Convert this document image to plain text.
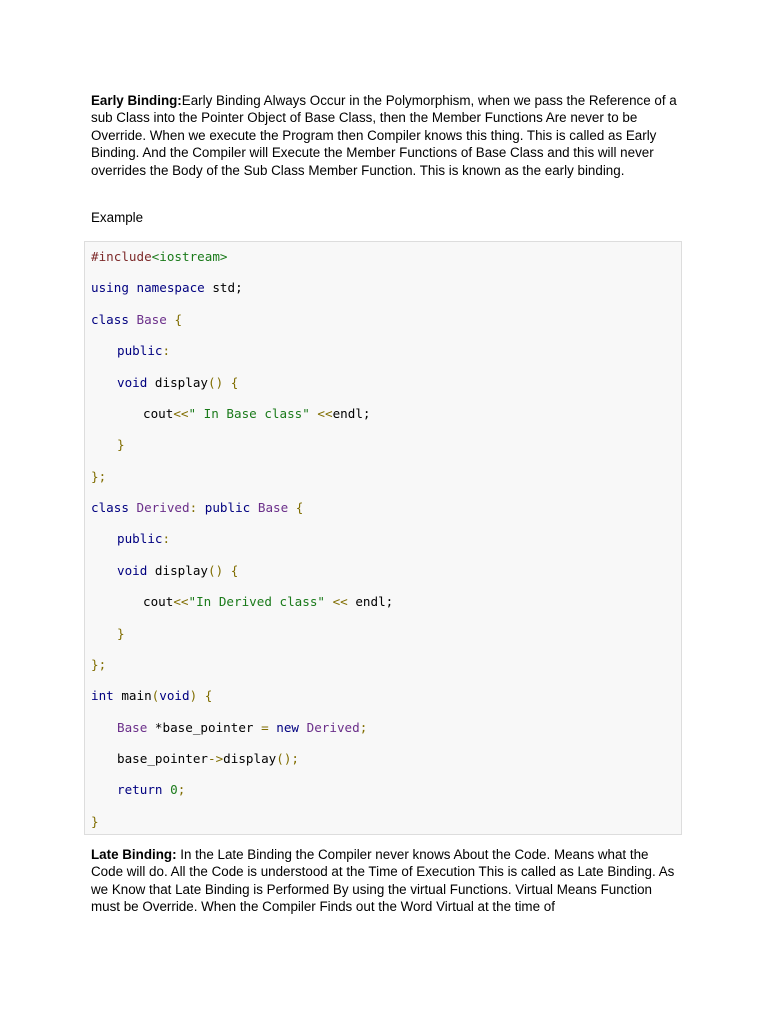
Early Binding:Early Binding Always Occur in the Polymorphism, when we pass the Reference of a sub Class into the Pointer Object of Base Class, then the Member Functions Are never to be Override. When we execute the Program then Compiler knows this thing. This is called as Early Binding. And the Compiler will Execute the Member Functions of Base Class and this will never overrides the Body of the Sub Class Member Function. This is known as the early binding.

Example

#include<iostream>
using namespace std;
class Base {
public:
void display() {
cout<<" In Base class" <<endl;
}
};
class Derived: public Base {
public:
void display() {
cout<<"In Derived class" << endl;
}
};
int main(void) {
Base *base_pointer = new Derived;
base_pointer->display();
return 0;
}

Late Binding: In the Late Binding the Compiler never knows About the Code. Means what the Code will do. All the Code is understood at the Time of Execution This is called as Late Binding. As we Know that Late Binding is Performed By using the virtual Functions. Virtual Means Function must be Override. When the Compiler Finds out the Word Virtual at the time of
